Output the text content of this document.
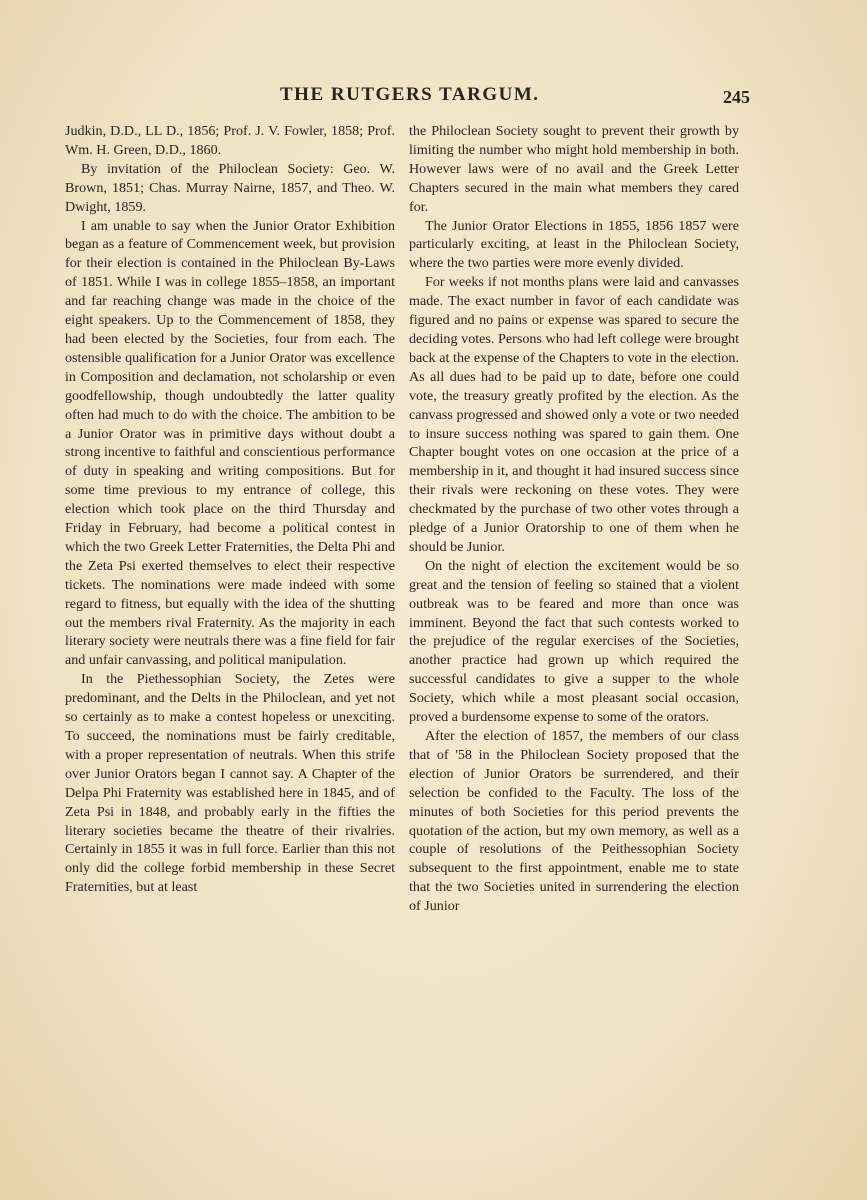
THE RUTGERS TARGUM.	245

Judkin, D.D., LL D., 1856; Prof. J. V. Fowler, 1858; Prof. Wm. H. Green, D.D., 1860.

By invitation of the Philoclean Society: Geo. W. Brown, 1851; Chas. Murray Nairne, 1857, and Theo. W. Dwight, 1859.

I am unable to say when the Junior Orator Exhibition began as a feature of Commencement week, but provision for their election is contained in the Philoclean By-Laws of 1851. While I was in college 1855–1858, an important and far reaching change was made in the choice of the eight speakers. Up to the Commencement of 1858, they had been elected by the Societies, four from each. The ostensible qualification for a Junior Orator was excellence in Composition and declamation, not scholarship or even goodfellowship, though undoubtedly the latter quality often had much to do with the choice. The ambition to be a Junior Orator was in primitive days without doubt a strong incentive to faithful and conscientious performance of duty in speaking and writing compositions. But for some time previous to my entrance of college, this election which took place on the third Thursday and Friday in February, had become a political contest in which the two Greek Letter Fraternities, the Delta Phi and the Zeta Psi exerted themselves to elect their respective tickets. The nominations were made indeed with some regard to fitness, but equally with the idea of the shutting out the members rival Fraternity. As the majority in each literary society were neutrals there was a fine field for fair and unfair canvassing, and political manipulation.

In the Piethessophian Society, the Zetes were predominant, and the Delts in the Philoclean, and yet not so certainly as to make a contest hopeless or unexciting. To succeed, the nominations must be fairly creditable, with a proper representation of neutrals. When this strife over Junior Orators began I cannot say. A Chapter of the Delpa Phi Fraternity was established here in 1845, and of Zeta Psi in 1848, and probably early in the fifties the literary societies became the theatre of their rivalries. Certainly in 1855 it was in full force. Earlier than this not only did the college forbid membership in these Secret Fraternities, but at least

the Philoclean Society sought to prevent their growth by limiting the number who might hold membership in both. However laws were of no avail and the Greek Letter Chapters secured in the main what members they cared for.

The Junior Orator Elections in 1855, 1856 1857 were particularly exciting, at least in the Philoclean Society, where the two parties were more evenly divided.

For weeks if not months plans were laid and canvasses made. The exact number in favor of each candidate was figured and no pains or expense was spared to secure the deciding votes. Persons who had left college were brought back at the expense of the Chapters to vote in the election. As all dues had to be paid up to date, before one could vote, the treasury greatly profited by the election. As the canvass progressed and showed only a vote or two needed to insure success nothing was spared to gain them. One Chapter bought votes on one occasion at the price of a membership in it, and thought it had insured success since their rivals were reckoning on these votes. They were checkmated by the purchase of two other votes through a pledge of a Junior Oratorship to one of them when he should be Junior.

On the night of election the excitement would be so great and the tension of feeling so stained that a violent outbreak was to be feared and more than once was imminent. Beyond the fact that such contests worked to the prejudice of the regular exercises of the Societies, another practice had grown up which required the successful candidates to give a supper to the whole Society, which while a most pleasant social occasion, proved a burdensome expense to some of the orators.

After the election of 1857, the members of our class that of '58 in the Philoclean Society proposed that the election of Junior Orators be surrendered, and their selection be confided to the Faculty. The loss of the minutes of both Societies for this period prevents the quotation of the action, but my own memory, as well as a couple of resolutions of the Peithessophian Society subsequent to the first appointment, enable me to state that the two Societies united in surrendering the election of Junior
